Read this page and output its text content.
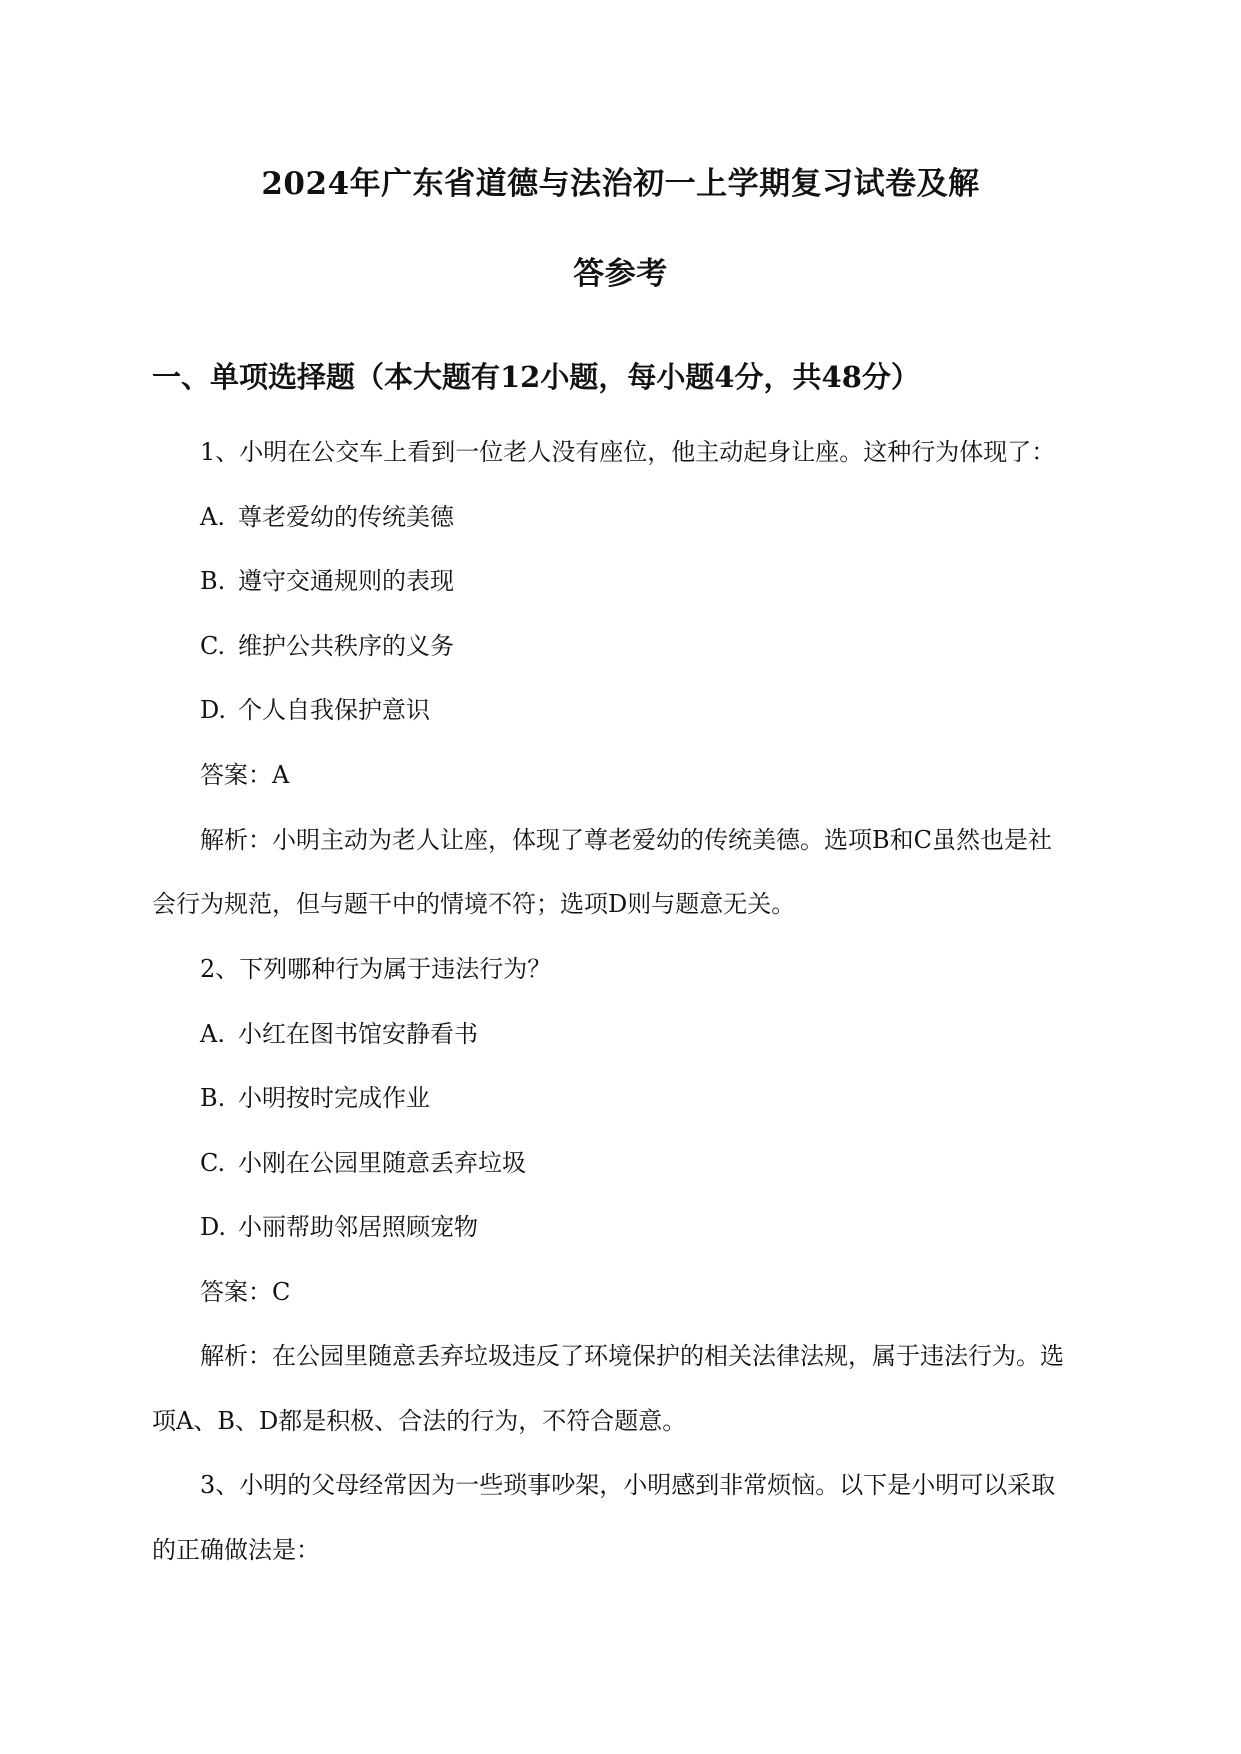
2024年广东省道德与法治初一上学期复习试卷及解
答参考
一、单项选择题（本大题有12小题，每小题4分，共48分）
1、小明在公交车上看到一位老人没有座位，他主动起身让座。这种行为体现了：
A. 尊老爱幼的传统美德
B. 遵守交通规则的表现
C. 维护公共秩序的义务
D. 个人自我保护意识
答案：A
解析：小明主动为老人让座，体现了尊老爱幼的传统美德。选项B和C虽然也是社
会行为规范，但与题干中的情境不符；选项D则与题意无关。
2、下列哪种行为属于违法行为？
A. 小红在图书馆安静看书
B. 小明按时完成作业
C. 小刚在公园里随意丢弃垃圾
D. 小丽帮助邻居照顾宠物
答案：C
解析：在公园里随意丢弃垃圾违反了环境保护的相关法律法规，属于违法行为。选
项A、B、D都是积极、合法的行为，不符合题意。
3、小明的父母经常因为一些琐事吵架，小明感到非常烦恼。以下是小明可以采取
的正确做法是：
